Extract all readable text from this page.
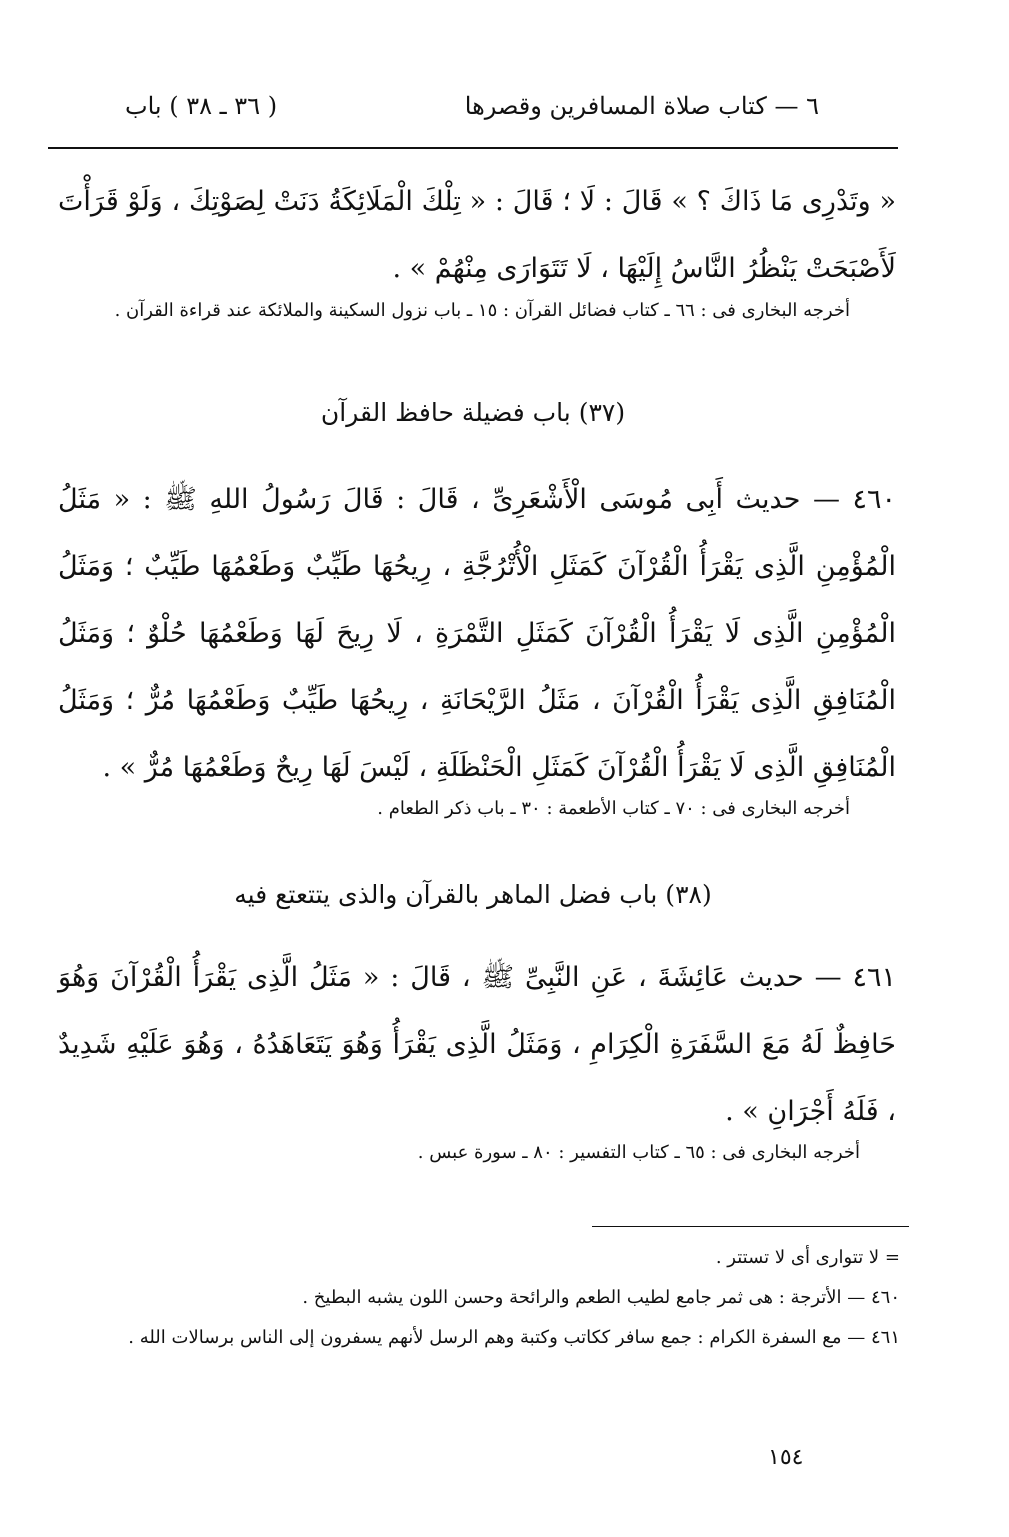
٦ — كتاب صلاة المسافرين وقصرها
( ٣٦ ـ ٣٨ ) باب
« وتَدْرِى مَا ذَاكَ ؟ » قَالَ : لَا ؛ قَالَ : « تِلْكَ الْمَلَائِكَةُ دَنَتْ لِصَوْتِكَ ، وَلَوْ قَرَأْتَ لَأَصْبَحَتْ يَنْظُرُ النَّاسُ إِلَيْهَا ، لَا تَتَوَارَى مِنْهُمْ » .
أخرجه البخارى فى : ٦٦ ـ كتاب فضائل القرآن : ١٥ ـ باب نزول السكينة والملائكة عند قراءة القرآن .
(٣٧) باب فضيلة حافظ القرآن
٤٦٠ — حديث أَبِى مُوسَى الْأَشْعَرِىِّ ، قَالَ : قَالَ رَسُولُ اللهِ ﷺ : « مَثَلُ الْمُؤْمِنِ الَّذِى يَقْرَأُ الْقُرْآنَ كَمَثَلِ الْأُتْرُجَّةِ ، رِيحُهَا طَيِّبٌ وَطَعْمُهَا طَيِّبٌ ؛ وَمَثَلُ الْمُؤْمِنِ الَّذِى لَا يَقْرَأُ الْقُرْآنَ كَمَثَلِ التَّمْرَةِ ، لَا رِيحَ لَهَا وَطَعْمُهَا حُلْوٌ ؛ وَمَثَلُ الْمُنَافِقِ الَّذِى يَقْرَأُ الْقُرْآنَ ، مَثَلُ الرَّيْحَانَةِ ، رِيحُهَا طَيِّبٌ وَطَعْمُهَا مُرٌّ ؛ وَمَثَلُ الْمُنَافِقِ الَّذِى لَا يَقْرَأُ الْقُرْآنَ كَمَثَلِ الْحَنْظَلَةِ ، لَيْسَ لَهَا رِيحٌ وَطَعْمُهَا مُرٌّ » .
أخرجه البخارى فى : ٧٠ ـ كتاب الأطعمة : ٣٠ ـ باب ذكر الطعام .
(٣٨) باب فضل الماهر بالقرآن والذى يتتعتع فيه
٤٦١ — حديث عَائِشَةَ ، عَنِ النَّبِىِّ ﷺ ، قَالَ : « مَثَلُ الَّذِى يَقْرَأُ الْقُرْآنَ وَهُوَ حَافِظٌ لَهُ مَعَ السَّفَرَةِ الْكِرَامِ ، وَمَثَلُ الَّذِى يَقْرَأُ وَهُوَ يَتَعَاهَدُهُ ، وَهُوَ عَلَيْهِ شَدِيدٌ ، فَلَهُ أَجْرَانِ » .
أخرجه البخارى فى : ٦٥ ـ كتاب التفسير : ٨٠ ـ سورة عبس .
= لا تتوارى أى لا تستتر .
٤٦٠ — الأترجة : هى ثمر جامع لطيب الطعم والرائحة وحسن اللون يشبه البطيخ .
٤٦١ — مع السفرة الكرام : جمع سافر ككاتب وكتبة وهم الرسل لأنهم يسفرون إلى الناس برسالات الله .
١٥٤
